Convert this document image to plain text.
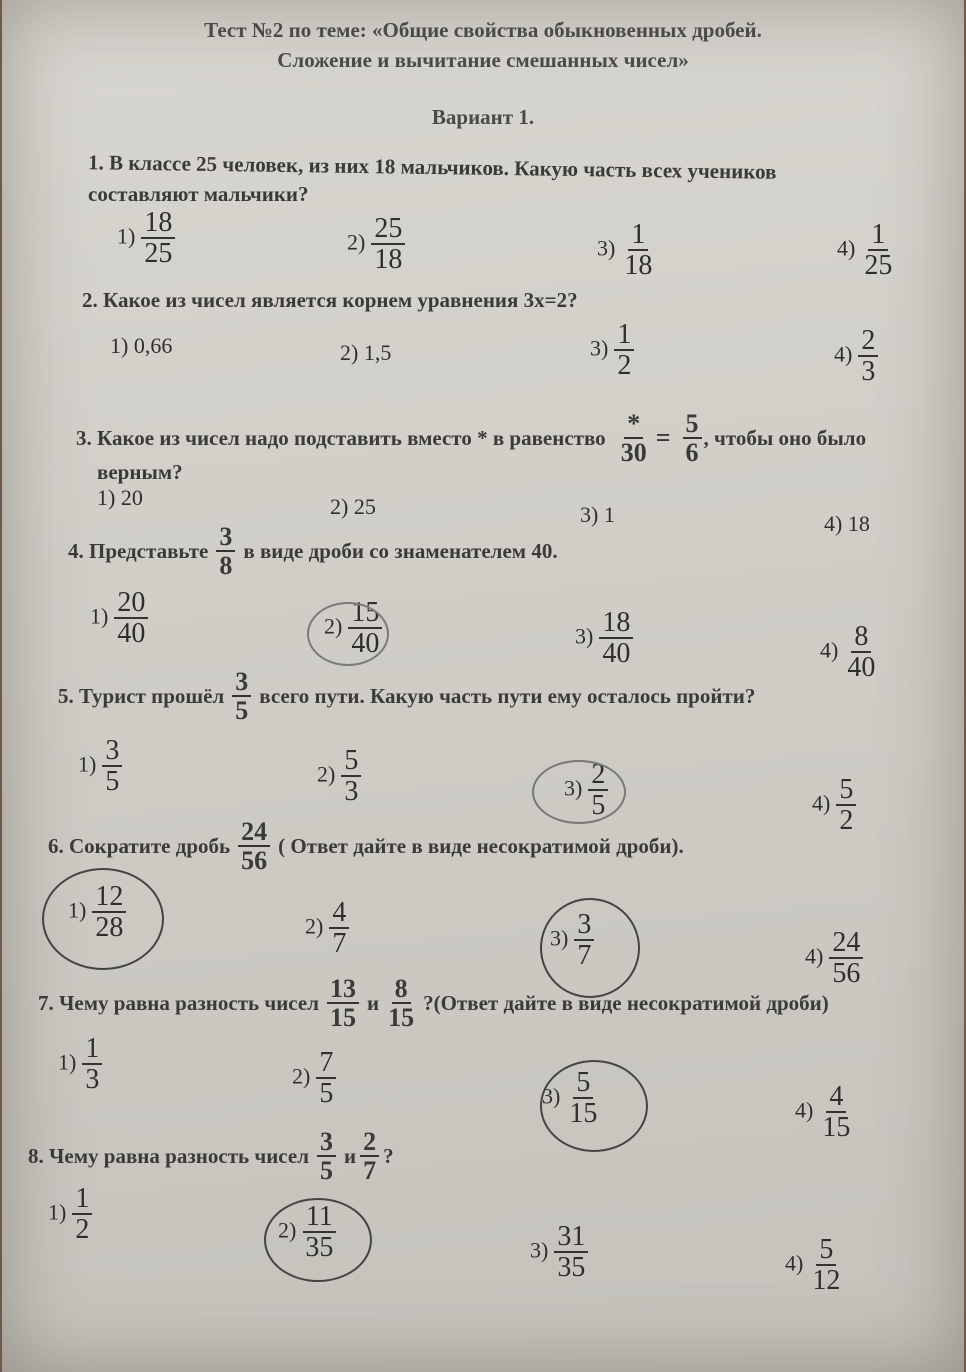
Тест №2 по теме: «Общие свойства обыкновенных дробей.
Сложение и вычитание смешанных чисел»
Вариант 1.
1. В классе 25 человек, из них 18 мальчиков. Какую часть всех учеников
составляют мальчики?
$1) \frac{18}{25}$	$2) \frac{25}{18}$	$3) \frac{1}{18}$	$4) \frac{1}{25}$
2. Какое из чисел является корнем уравнения 3x=2?
1) 0,66	2) 1,5	$3) \frac{1}{2}$	$4) \frac{2}{3}$
3. Какое из чисел надо подставить вместо * в равенство $\frac{*}{30} = \frac{5}{6}$ , чтобы оно было
верным?
1) 20	2) 25	3) 1	4) 18
4. Представьте $\frac{3}{8}$ в виде дроби со знаменателем 40.
$1) \frac{20}{40}$	$2) \frac{15}{40}$	$3) \frac{18}{40}$	$4) \frac{8}{40}$
5. Турист прошёл $\frac{3}{5}$ всего пути. Какую часть пути ему осталось пройти?
$1) \frac{3}{5}$	$2) \frac{5}{3}$	$3) \frac{2}{5}$	$4) \frac{5}{2}$
6. Сократите дробь $\frac{24}{56}$ ( Ответ дайте в виде несократимой дроби).
$1) \frac{12}{28}$	$2) \frac{4}{7}$	$3) \frac{3}{7}$	$4) \frac{24}{56}$
7. Чему равна разность чисел $\frac{13}{15}$ и $\frac{8}{15}$ ?(Ответ дайте в виде несократимой дроби)
$1) \frac{1}{3}$	$2) \frac{7}{5}$	$3) \frac{5}{15}$	$4) \frac{4}{15}$
8. Чему равна разность чисел $\frac{3}{5}$ и $\frac{2}{7}$ ?
$1) \frac{1}{2}$	$2) \frac{11}{35}$	$3) \frac{31}{35}$	$4) \frac{5}{12}$
